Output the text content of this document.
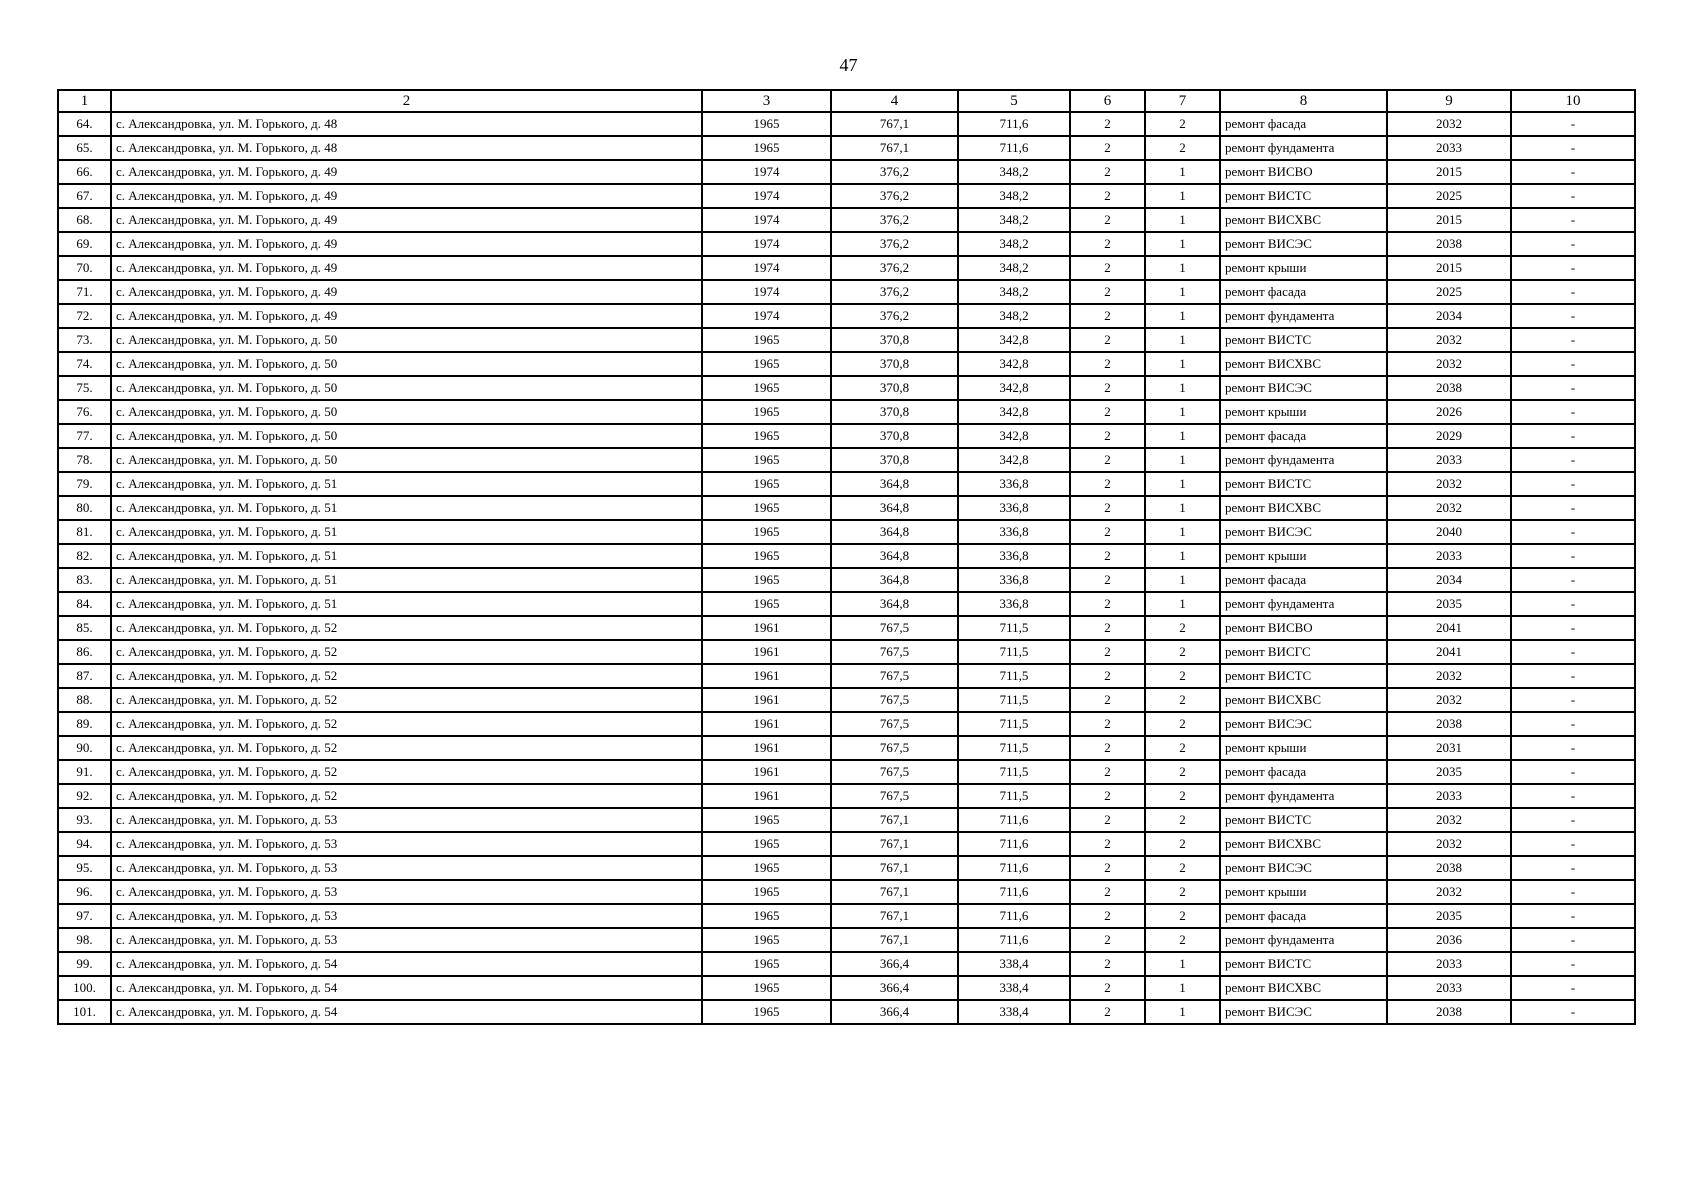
47
1	2	3	4	5	6	7	8	9	10
64.	с. Александровка, ул. М. Горького, д. 48	1965	767,1	711,6	2	2	ремонт фасада	2032	-
65.	с. Александровка, ул. М. Горького, д. 48	1965	767,1	711,6	2	2	ремонт фундамента	2033	-
66.	с. Александровка, ул. М. Горького, д. 49	1974	376,2	348,2	2	1	ремонт ВИСВО	2015	-
67.	с. Александровка, ул. М. Горького, д. 49	1974	376,2	348,2	2	1	ремонт ВИСТС	2025	-
68.	с. Александровка, ул. М. Горького, д. 49	1974	376,2	348,2	2	1	ремонт ВИСХВС	2015	-
69.	с. Александровка, ул. М. Горького, д. 49	1974	376,2	348,2	2	1	ремонт ВИСЭС	2038	-
70.	с. Александровка, ул. М. Горького, д. 49	1974	376,2	348,2	2	1	ремонт крыши	2015	-
71.	с. Александровка, ул. М. Горького, д. 49	1974	376,2	348,2	2	1	ремонт фасада	2025	-
72.	с. Александровка, ул. М. Горького, д. 49	1974	376,2	348,2	2	1	ремонт фундамента	2034	-
73.	с. Александровка, ул. М. Горького, д. 50	1965	370,8	342,8	2	1	ремонт ВИСТС	2032	-
74.	с. Александровка, ул. М. Горького, д. 50	1965	370,8	342,8	2	1	ремонт ВИСХВС	2032	-
75.	с. Александровка, ул. М. Горького, д. 50	1965	370,8	342,8	2	1	ремонт ВИСЭС	2038	-
76.	с. Александровка, ул. М. Горького, д. 50	1965	370,8	342,8	2	1	ремонт крыши	2026	-
77.	с. Александровка, ул. М. Горького, д. 50	1965	370,8	342,8	2	1	ремонт фасада	2029	-
78.	с. Александровка, ул. М. Горького, д. 50	1965	370,8	342,8	2	1	ремонт фундамента	2033	-
79.	с. Александровка, ул. М. Горького, д. 51	1965	364,8	336,8	2	1	ремонт ВИСТС	2032	-
80.	с. Александровка, ул. М. Горького, д. 51	1965	364,8	336,8	2	1	ремонт ВИСХВС	2032	-
81.	с. Александровка, ул. М. Горького, д. 51	1965	364,8	336,8	2	1	ремонт ВИСЭС	2040	-
82.	с. Александровка, ул. М. Горького, д. 51	1965	364,8	336,8	2	1	ремонт крыши	2033	-
83.	с. Александровка, ул. М. Горького, д. 51	1965	364,8	336,8	2	1	ремонт фасада	2034	-
84.	с. Александровка, ул. М. Горького, д. 51	1965	364,8	336,8	2	1	ремонт фундамента	2035	-
85.	с. Александровка, ул. М. Горького, д. 52	1961	767,5	711,5	2	2	ремонт ВИСВО	2041	-
86.	с. Александровка, ул. М. Горького, д. 52	1961	767,5	711,5	2	2	ремонт ВИСГС	2041	-
87.	с. Александровка, ул. М. Горького, д. 52	1961	767,5	711,5	2	2	ремонт ВИСТС	2032	-
88.	с. Александровка, ул. М. Горького, д. 52	1961	767,5	711,5	2	2	ремонт ВИСХВС	2032	-
89.	с. Александровка, ул. М. Горького, д. 52	1961	767,5	711,5	2	2	ремонт ВИСЭС	2038	-
90.	с. Александровка, ул. М. Горького, д. 52	1961	767,5	711,5	2	2	ремонт крыши	2031	-
91.	с. Александровка, ул. М. Горького, д. 52	1961	767,5	711,5	2	2	ремонт фасада	2035	-
92.	с. Александровка, ул. М. Горького, д. 52	1961	767,5	711,5	2	2	ремонт фундамента	2033	-
93.	с. Александровка, ул. М. Горького, д. 53	1965	767,1	711,6	2	2	ремонт ВИСТС	2032	-
94.	с. Александровка, ул. М. Горького, д. 53	1965	767,1	711,6	2	2	ремонт ВИСХВС	2032	-
95.	с. Александровка, ул. М. Горького, д. 53	1965	767,1	711,6	2	2	ремонт ВИСЭС	2038	-
96.	с. Александровка, ул. М. Горького, д. 53	1965	767,1	711,6	2	2	ремонт крыши	2032	-
97.	с. Александровка, ул. М. Горького, д. 53	1965	767,1	711,6	2	2	ремонт фасада	2035	-
98.	с. Александровка, ул. М. Горького, д. 53	1965	767,1	711,6	2	2	ремонт фундамента	2036	-
99.	с. Александровка, ул. М. Горького, д. 54	1965	366,4	338,4	2	1	ремонт ВИСТС	2033	-
100.	с. Александровка, ул. М. Горького, д. 54	1965	366,4	338,4	2	1	ремонт ВИСХВС	2033	-
101.	с. Александровка, ул. М. Горького, д. 54	1965	366,4	338,4	2	1	ремонт ВИСЭС	2038	-
